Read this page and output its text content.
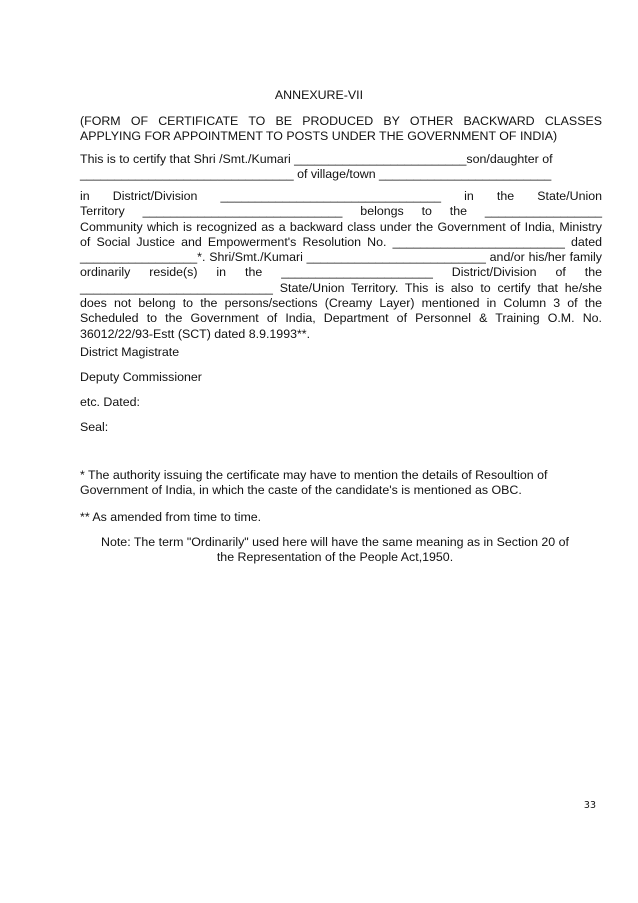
ANNEXURE-VII
(FORM OF CERTIFICATE TO BE PRODUCED BY OTHER BACKWARD CLASSES
APPLYING FOR APPOINTMENT TO POSTS UNDER THE GOVERNMENT OF INDIA)
This is to certify that Shri /Smt./Kumari _________________________son/daughter of
_______________________________ of village/town _________________________
in District/Division ________________________________ in the State/Union
Territory _____________________________ belongs to the _________________
Community which is recognized as a backward class under the Government of India, Ministry
of Social Justice and Empowerment's Resolution No. _________________________ dated
_________________*. Shri/Smt./Kumari __________________________ and/or his/her family
ordinarily reside(s) in the ______________________ District/Division of the
____________________________ State/Union Territory. This is also to certify that he/she
does not belong to the persons/sections (Creamy Layer) mentioned in Column 3 of the
Scheduled to the Government of India, Department of Personnel & Training O.M. No.
36012/22/93-Estt (SCT) dated 8.9.1993**.
District Magistrate
Deputy Commissioner
etc. Dated:
Seal:
* The authority issuing the certificate may have to mention the details of Resoultion of
Government of India, in which the caste of the candidate's is mentioned as OBC.
** As amended from time to time.
Note: The term "Ordinarily" used here will have the same meaning as in Section 20 of
the Representation of the People Act,1950.
33
